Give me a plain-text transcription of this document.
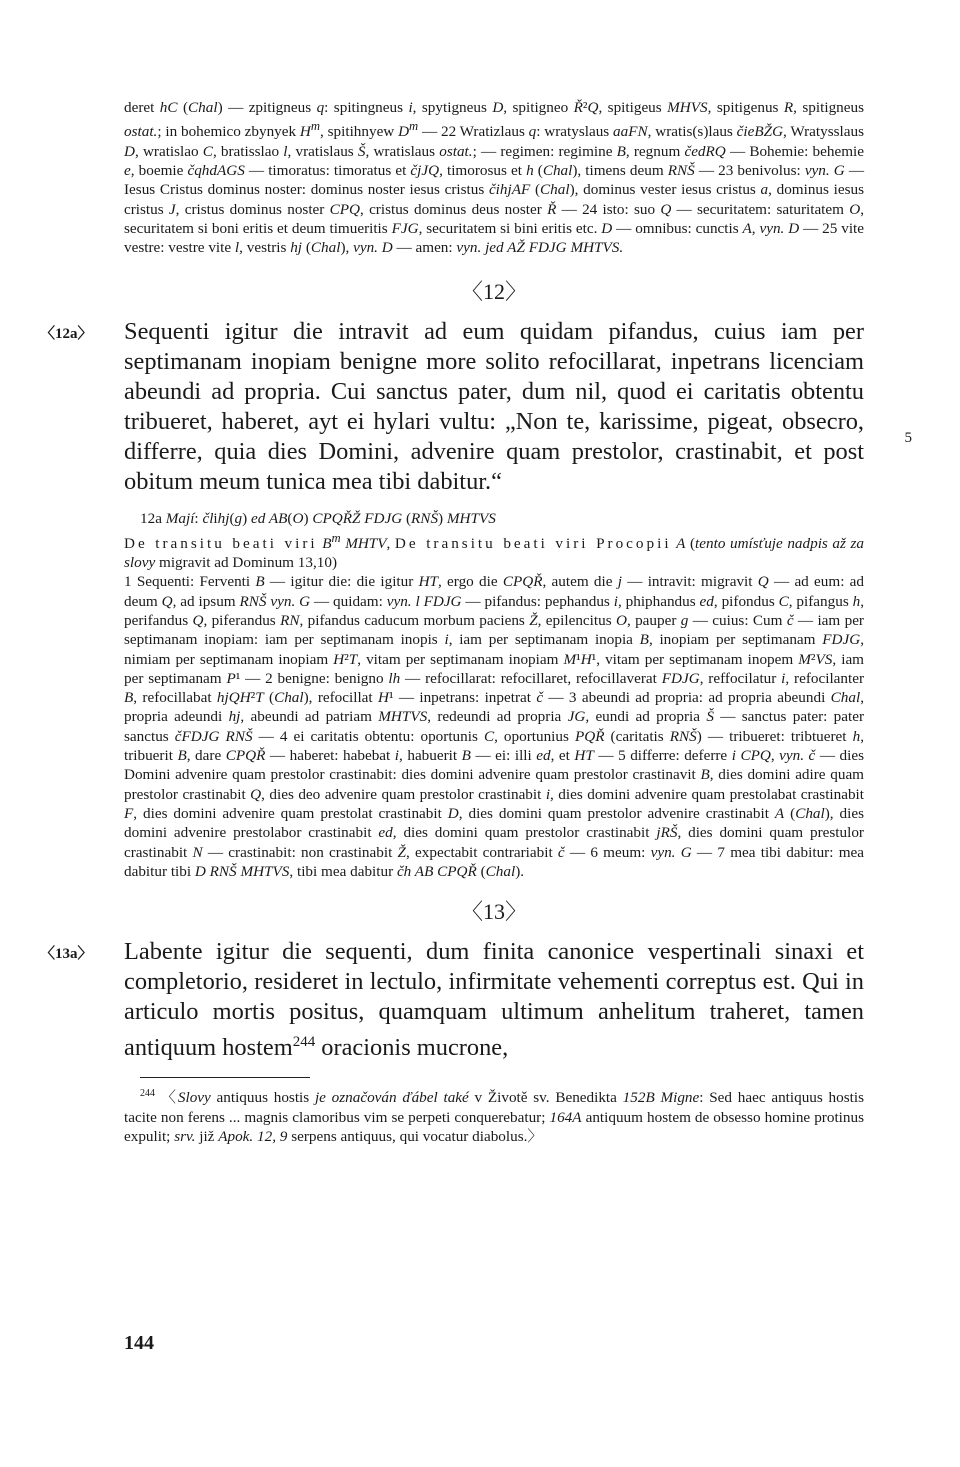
deret hC (Chal) — zpitigneus q: spitingneus i, spytigneus D, spitigneo Ř²Q, spitigeus MHVS, spitigenus R, spitigneus ostat.; in bohemico zbynyek $H^m$, spitihnyew $D^m$ — 22 Wratizlaus q: wratyslaus aaFN, wratis(s)laus čieBŽG, Wratysslaus D, wratislao C, bratisslao l, vratislaus Š, wratislaus ostat.; — regimen: regimine B, regnum čedRQ — Bohemie: behemie e, boemie čqhdAGS — timoratus: timoratus et čjJQ, timorosus et h (Chal), timens deum RNŠ — 23 benivolus: vyn. G — Iesus Cristus dominus noster: dominus noster iesus cristus čihjAF (Chal), dominus vester iesus cristus a, dominus iesus cristus J, cristus dominus noster CPQ, cristus dominus deus noster Ř — 24 isto: suo Q — securitatem: saturitatem O, securitatem si boni eritis et deum timueritis FJG, securitatem si bini eritis etc. D — omnibus: cunctis A, vyn. D — 25 vite vestre: vestre vite l, vestris hj (Chal), vyn. D — amen: vyn. jed AŽ FDJG MHTVS.

〈12〉

〈12a〉 Sequenti igitur die intravit ad eum quidam pifandus, cuius iam per septimanam inopiam benigne more solito refocillarat, inpetrans licenciam abeundi ad propria. Cui sanctus pater, dum nil, quod ei caritatis obtentu tribueret, haberet, ayt ei hylari vultu: „Non te, karissime, pigeat, obsecro, differre, quia dies Domini, advenire quam prestolor, crastinabit, et post obitum meum tunica mea tibi dabitur.“
5

12a Mají: člihj(g) ed AB(O) CPQŘŽ FDJG (RNŠ) MHTVS

De transitu beati viri $B^m$ MHTV, De transitu beati viri Procopii A (tento umísťuje nadpis až za slovy migravit ad Dominum 13,10)

1 Sequenti: Ferventi B — igitur die: die igitur HT, ergo die CPQŘ, autem die j — intravit: migravit Q — ad eum: ad deum Q, ad ipsum RNŠ vyn. G — quidam: vyn. l FDJG — pifandus: pephandus i, phiphandus ed, pifondus C, pifangus h, perifandus Q, piferandus RN, pifandus caducum morbum paciens Ž, epilencitus O, pauper g — cuius: Cum č — iam per septimanam inopiam: iam per septimanam inopis i, iam per septimanam inopia B, inopiam per septimanam FDJG, nimiam per septimanam inopiam H²T, vitam per septimanam inopiam M¹H¹, vitam per septimanam inopem M²VS, iam per septimanam P¹ — 2 benigne: benigno lh — refocillarat: refocillaret, refocillaverat FDJG, reffocilatur i, refocilanter B, refocillabat hjQH²T (Chal), refocillat H¹ — inpetrans: inpetrat č — 3 abeundi ad propria: ad propria abeundi Chal, propria adeundi hj, abeundi ad patriam MHTVS, redeundi ad propria JG, eundi ad propria Š — sanctus pater: pater sanctus čFDJG RNŠ — 4 ei caritatis obtentu: oportunis C, oportunius PQŘ (caritatis RNŠ) — tribueret: tribtueret h, tribuerit B, dare CPQŘ — haberet: habebat i, habuerit B — ei: illi ed, et HT — 5 differre: deferre i CPQ, vyn. č — dies Domini advenire quam prestolor crastinabit: dies domini advenire quam prestolor crastinavit B, dies domini adire quam prestolor crastinabit Q, dies deo advenire quam prestolor crastinabit i, dies domini advenire quam prestolabat crastinabit F, dies domini advenire quam prestolat crastinabit D, dies domini quam prestolor advenire crastinabit A (Chal), dies domini advenire prestolabor crastinabit ed, dies domini quam prestolor crastinabit jRŠ, dies domini quam prestulor crastinabit N — crastinabit: non crastinabit Ž, expectabit contrariabit č — 6 meum: vyn. G — 7 mea tibi dabitur: mea dabitur tibi D RNŠ MHTVS, tibi mea dabitur čh AB CPQŘ (Chal).

〈13〉

〈13a〉 Labente igitur die sequenti, dum finita canonice vespertinali sinaxi et completorio, resideret in lectulo, infirmitate vehementi correptus est. Qui in articulo mortis positus, quamquam ultimum anhelitum traheret, tamen antiquum hostem$^{244}$ oracionis mucrone,

$^{244}$ 〈Slovy antiquus hostis je označován ďábel také v Životě sv. Benedikta 152B Migne: Sed haec antiquus hostis tacite non ferens ... magnis clamoribus vim se perpeti conquerebatur; 164A antiquum hostem de obsesso homine protinus expulit; srv. již Apok. 12, 9 serpens antiquus, qui vocatur diabolus.〉

144
